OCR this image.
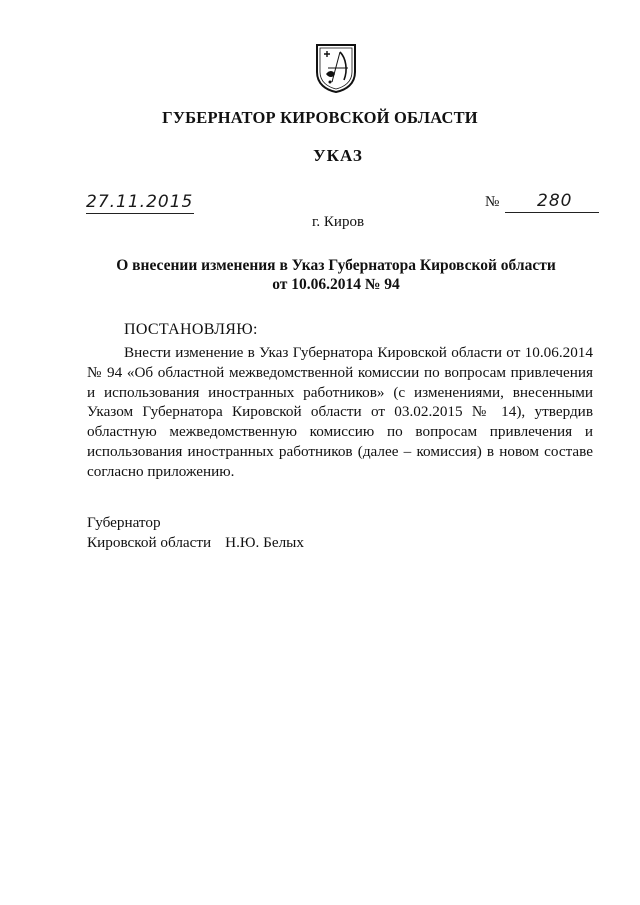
ГУБЕРНАТОР КИРОВСКОЙ ОБЛАСТИ
УКАЗ
27.11.2015	№ 280
г. Киров
О внесении изменения в Указ Губернатора Кировской области
от 10.06.2014 № 94
ПОСТАНОВЛЯЮ:
Внести изменение в Указ Губернатора Кировской области от 10.06.2014 № 94 «Об областной межведомственной комиссии по вопросам привлечения и использования иностранных работников» (с изменениями, внесенными Указом Губернатора Кировской области от 03.02.2015 № 14), утвердив областную межведомственную комиссию по вопросам привлечения и использования иностранных работников (далее – комиссия) в новом составе согласно приложению.
Губернатор
Кировской области Н.Ю. Белых
